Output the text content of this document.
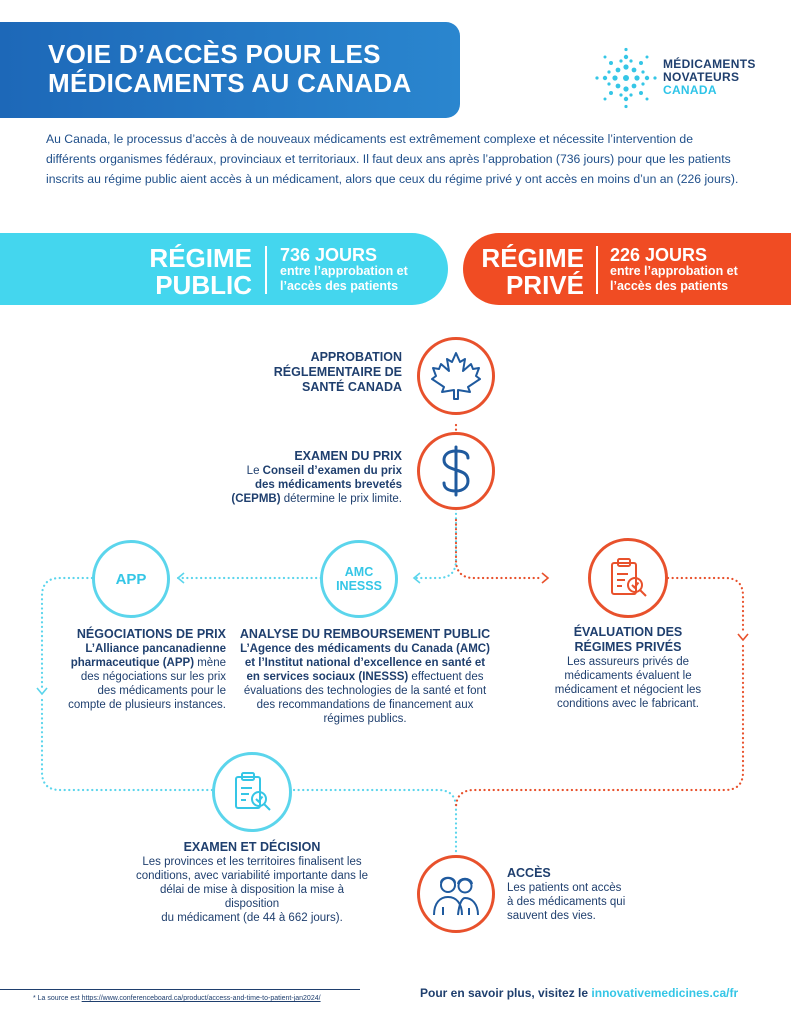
VOIE D’ACCÈS POUR LES MÉDICAMENTS AU CANADA
MÉDICAMENTS
NOVATEURS
CANADA
Au Canada, le processus d’accès à de nouveaux médicaments est extrêmement complexe et nécessite l’intervention de différents organismes fédéraux, provinciaux et territoriaux. Il faut deux ans après l’approbation (736 jours) pour que les patients inscrits au régime public aient accès à un médicament, alors que ceux du régime privé y ont accès en moins d’un an (226 jours).
RÉGIME
PUBLIC
736 JOURS
entre l’approbation et
l’accès des patients
RÉGIME
PRIVÉ
226 JOURS
entre l’approbation et
l’accès des patients
APP	AMC
INESSS
APPROBATION
RÉGLEMENTAIRE DE
SANTÉ CANADA
EXAMEN DU PRIX
Le Conseil d’examen du prix
des médicaments brevetés
(CEPMB) détermine le prix limite.
NÉGOCIATIONS DE PRIX
L’Alliance pancanadienne
pharmaceutique (APP) mène
des négociations sur les prix
des médicaments pour le
compte de plusieurs instances.
ANALYSE DU REMBOURSEMENT PUBLIC
L’Agence des médicaments du Canada (AMC)
et l’Institut national d’excellence en santé et
en services sociaux (INESSS) effectuent des
évaluations des technologies de la santé et font
des recommandations de financement aux
régimes publics.
ÉVALUATION DES
RÉGIMES PRIVÉS
Les assureurs privés de
médicaments évaluent le
médicament et négocient les
conditions avec le fabricant.
EXAMEN ET DÉCISION
Les provinces et les territoires finalisent les
conditions, avec variabilité importante dans le
délai de mise à disposition la mise à disposition
du médicament (de 44 à 662 jours).
ACCÈS
Les patients ont accès
à des médicaments qui
sauvent des vies.
* La source est https://www.conferenceboard.ca/product/access-and-time-to-patient-jan2024/	Pour en savoir plus, visitez le innovativemedicines.ca/fr
